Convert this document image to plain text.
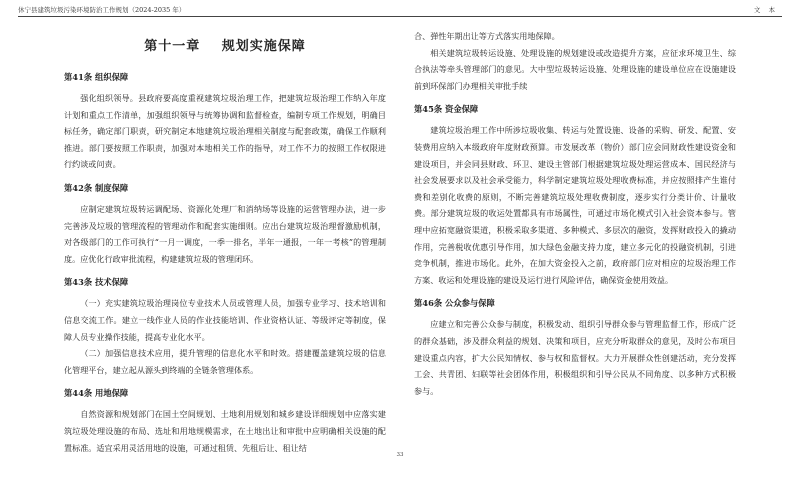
休宁县建筑垃圾污染环境防治工作规划（2024-2035 年）	文 本
第十一章 规划实施保障
第41条 组织保障

强化组织领导。县政府要高度重视建筑垃圾治理工作，把建筑垃圾治理工作纳入年度计划和重点工作清单，加强组织领导与统筹协调和监督检查，编制专项工作规划，明确目标任务，确定部门职责，研究制定本地建筑垃圾治理相关制度与配套政策，确保工作顺利推进。部门要按照工作职责，加强对本地相关工作的指导，对工作不力的按照工作权限进行约谈或问责。

第42条 制度保障

应制定建筑垃圾转运调配场、资源化处理厂和消纳场等设施的运营管理办法，进一步完善涉及垃圾的管理流程的管理动作和配套实施细则。应出台建筑垃圾治理督激励机制，对各级部门的工作可执行“一月一调度，一季一排名，半年一通报，一年一考核”的管理制度。应优化行政审批流程，构建建筑垃圾的管理闭环。

第43条 技术保障

（一）充实建筑垃圾治理岗位专业技术人员或管理人员，加强专业学习、技术培训和信息交流工作。建立一线作业人员的作业技能培训、作业资格认证、等级评定等制度，保障人员专业操作技能，提高专业化水平。

（二）加强信息技术应用，提升管理的信息化水平和时效。搭建覆盖建筑垃圾的信息化管理平台，建立起从源头到终端的全链条管理体系。

第44条 用地保障

自然资源和规划部门在国土空间规划、土地利用规划和城乡建设详细规划中应落实建筑垃圾处理设施的布局、选址和用地规模需求，在土地出让和审批中应明确相关设施的配置标准。适宜采用灵活用地的设施，可通过租赁、先租后让、租让结

合、弹性年期出让等方式落实用地保障。

相关建筑垃圾转运设施、处理设施的规划建设或改造提升方案，应征求环境卫生、综合执法等牵头管理部门的意见。大中型垃圾转运设施、处理设施的建设单位应在设施建设前到环保部门办理相关审批手续

第45条 资金保障

建筑垃圾治理工作中所涉垃圾收集、转运与处置设施、设备的采购、研发、配置、安装费用应纳入本级政府年度财政预算。市发展改革（物价）部门应会同财政性建设资金和建设项目，并会同县财政、环卫、建设主管部门根据建筑垃圾处理运营成本、国民经济与社会发展要求以及社会承受能力，科学制定建筑垃圾处理收费标准，并应按照排产生谁付费和差别化收费的原则，不断完善建筑垃圾处理收费制度，逐步实行分类计价、计量收费。部分建筑垃圾的收运处置都具有市场属性，可通过市场化模式引入社会资本参与。管理中应拓宽融资渠道，积极采取多渠道、多种模式、多层次的融资，发挥财政投入的撬动作用，完善税收优惠引导作用，加大绿色金融支持力度，建立多元化的投融资机制，引进竞争机制，推进市场化。此外，在加大资金投入之前，政府部门应对相应的垃圾治理工作方案、收运和处理设施的建设及运行进行风险评估，确保资金使用效益。

第46条 公众参与保障

应建立和完善公众参与制度，积极发动、组织引导群众参与管理监督工作，形成广泛的群众基础，涉及群众利益的规划、决策和项目，应充分听取群众的意见，及时公布项目建设重点内容，扩大公民知情权、参与权和监督权。大力开展群众性创建活动，充分发挥工会、共青团、妇联等社会团体作用，积极组织和引导公民从不同角度、以多种方式积极参与。

33
